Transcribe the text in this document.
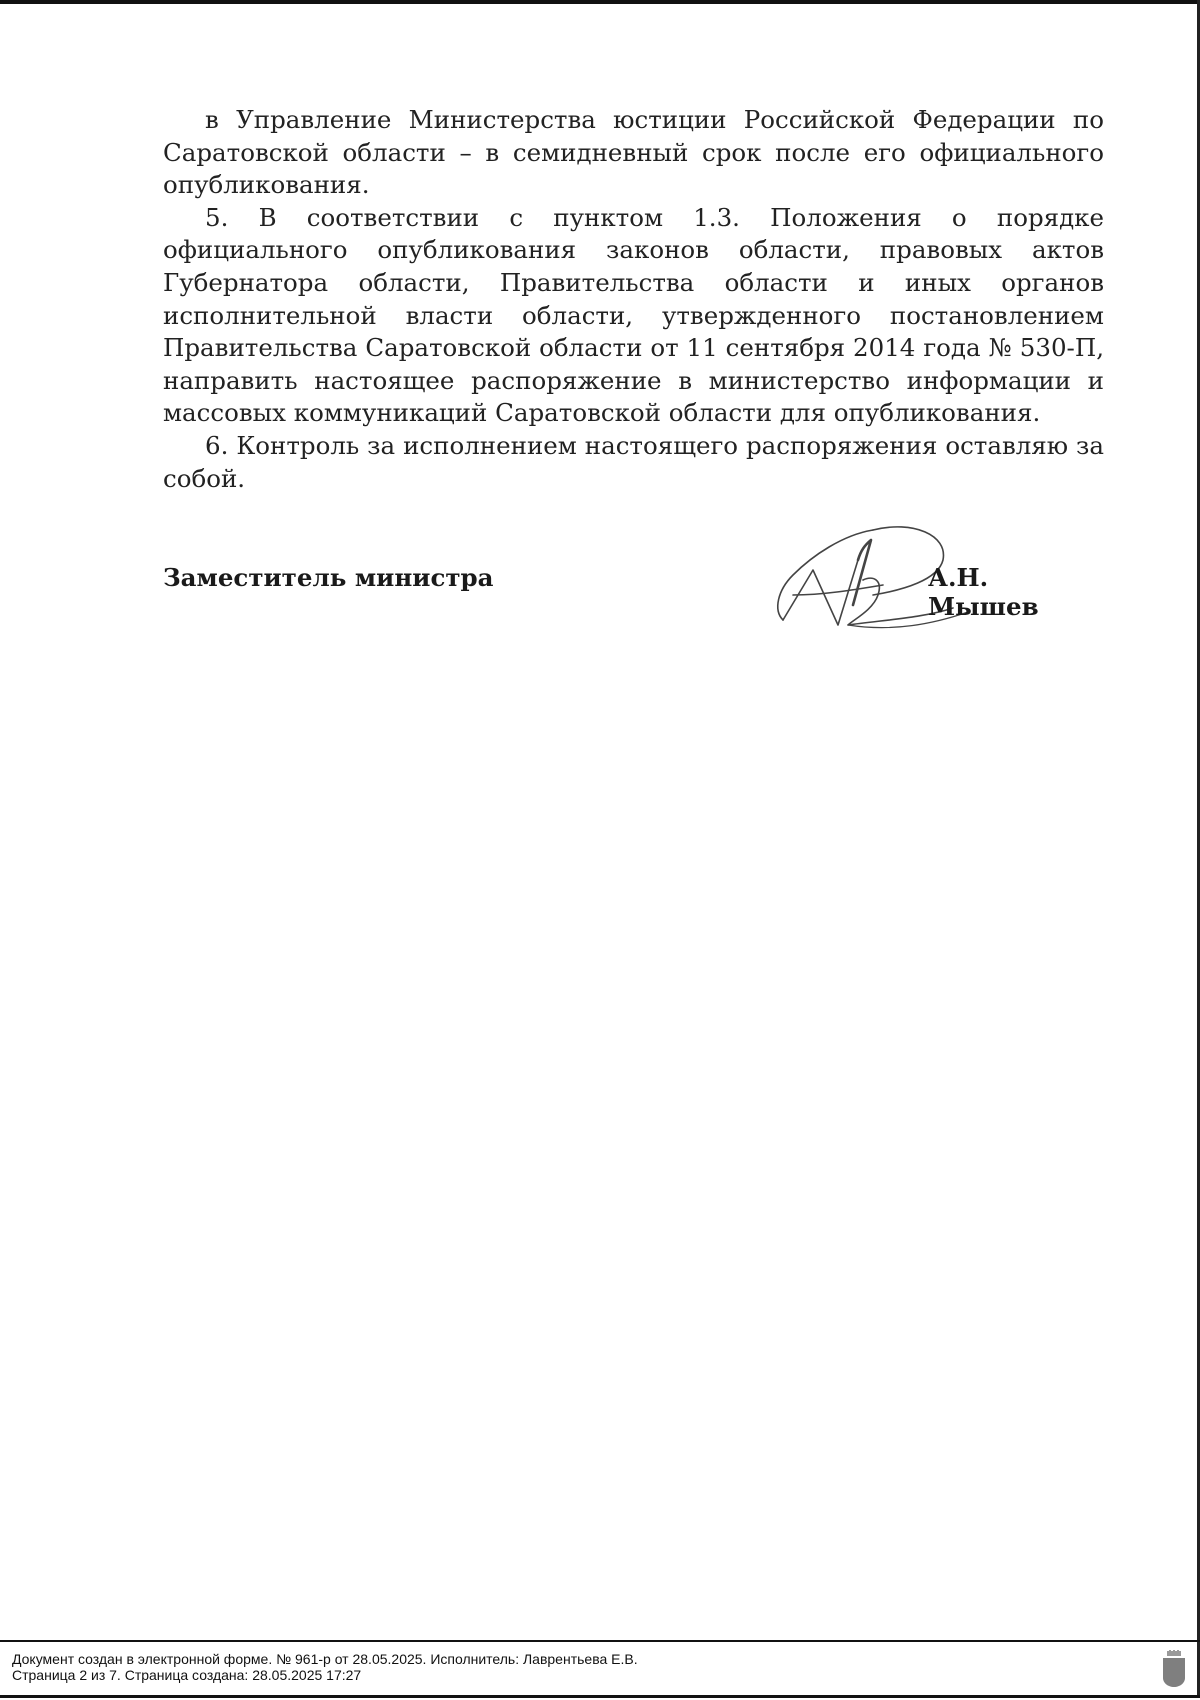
в Управление Министерства юстиции Российской Федерации по Саратовской области – в семидневный срок после его официального опубликования.

5. В соответствии с пунктом 1.3. Положения о порядке официального опубликования законов области, правовых актов Губернатора области, Правительства области и иных органов исполнительной власти области, утвержденного постановлением Правительства Саратовской области от 11 сентября 2014 года № 530-П, направить настоящее распоряжение в министерство информации и массовых коммуникаций Саратовской области для опубликования.

6. Контроль за исполнением настоящего распоряжения оставляю за собой.

Заместитель министра	А.Н. Мышев
Документ создан в электронной форме. № 961-р от 28.05.2025. Исполнитель: Лаврентьева Е.В.
Страница 2 из 7. Страница создана: 28.05.2025 17:27
